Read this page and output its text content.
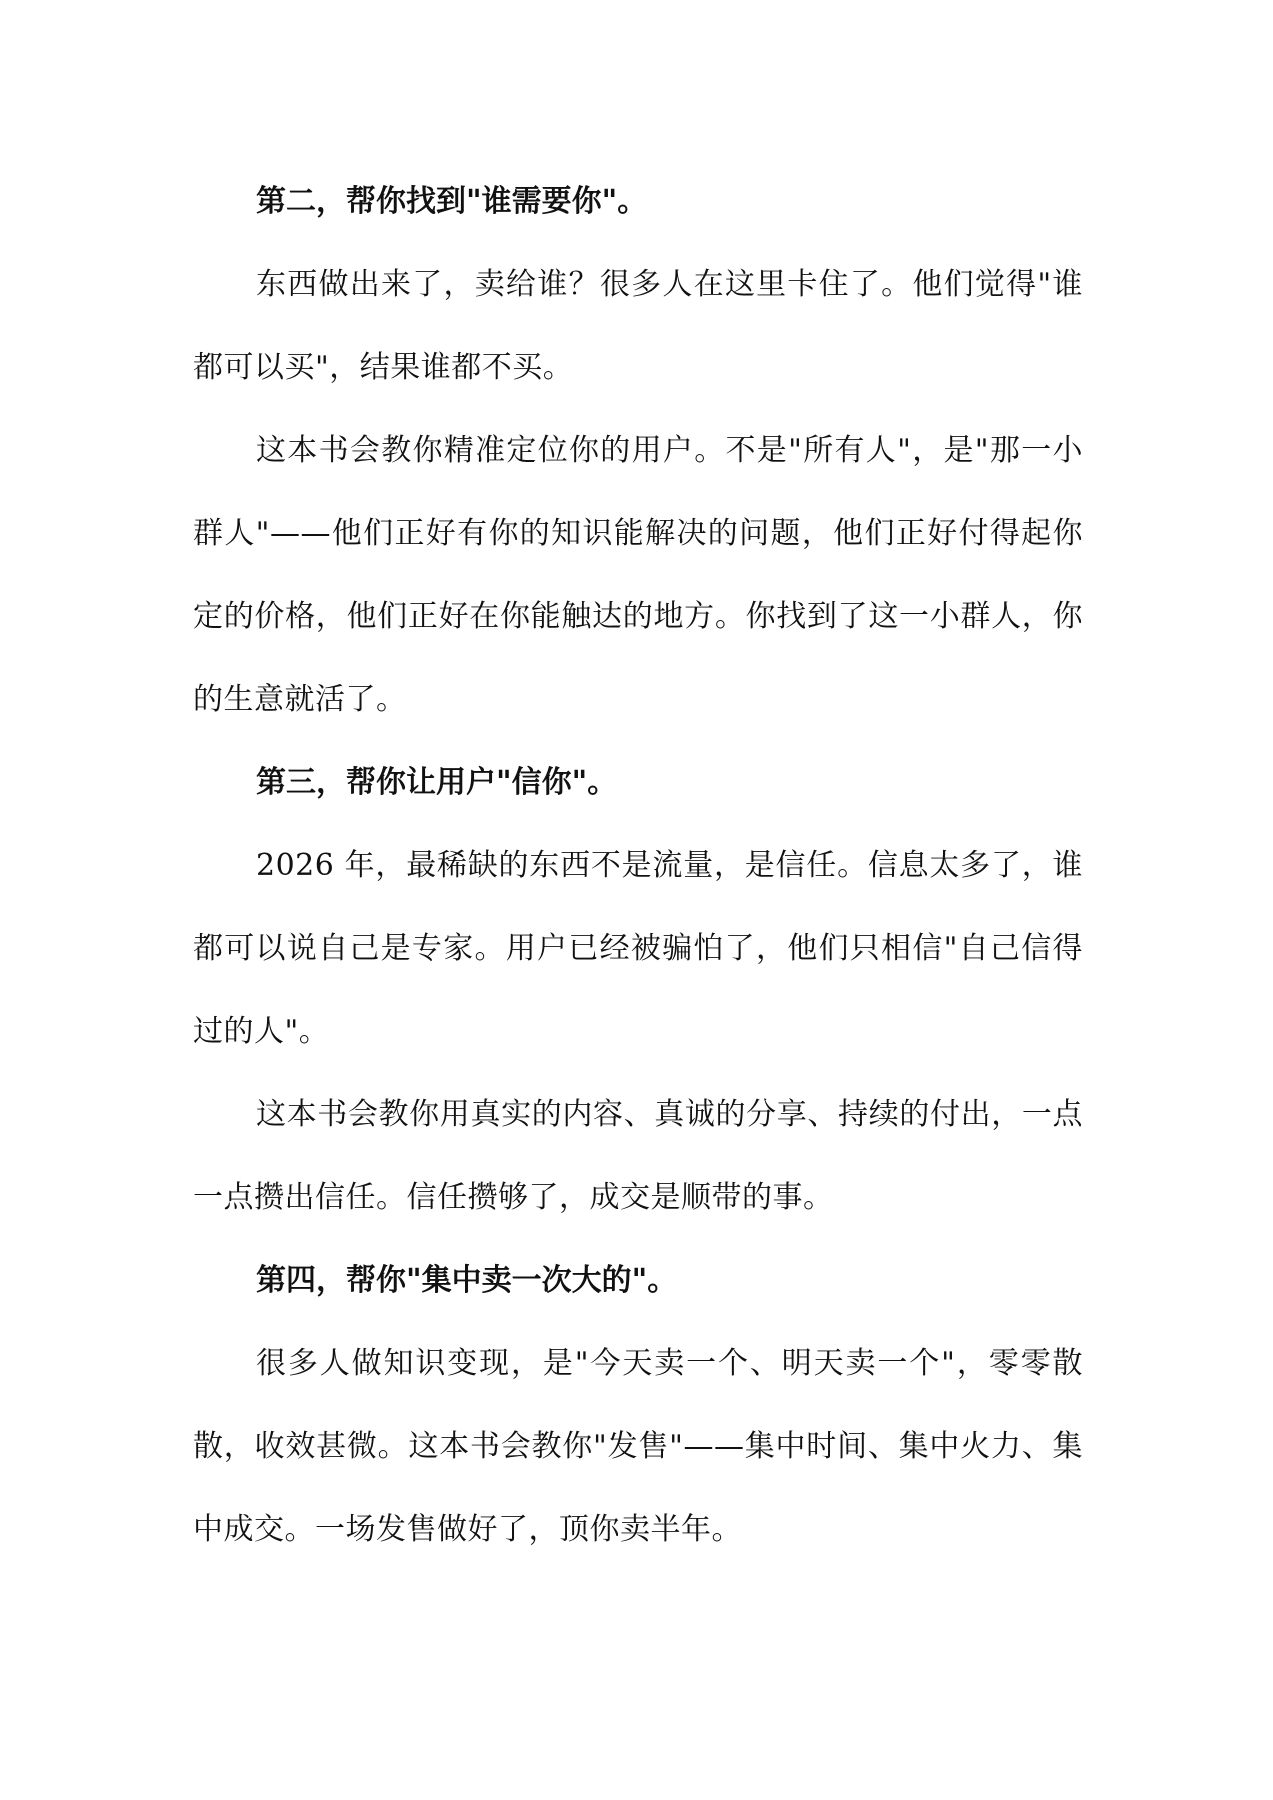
第二，帮你找到"谁需要你"。

东西做出来了，卖给谁？很多人在这里卡住了。他们觉得"谁都可以买"，结果谁都不买。

这本书会教你精准定位你的用户。不是"所有人"，是"那一小群人"——他们正好有你的知识能解决的问题，他们正好付得起你定的价格，他们正好在你能触达的地方。你找到了这一小群人，你的生意就活了。

第三，帮你让用户"信你"。

2026 年，最稀缺的东西不是流量，是信任。信息太多了，谁都可以说自己是专家。用户已经被骗怕了，他们只相信"自己信得过的人"。

这本书会教你用真实的内容、真诚的分享、持续的付出，一点一点攒出信任。信任攒够了，成交是顺带的事。

第四，帮你"集中卖一次大的"。

很多人做知识变现，是"今天卖一个、明天卖一个"，零零散散，收效甚微。这本书会教你"发售"——集中时间、集中火力、集中成交。一场发售做好了，顶你卖半年。
